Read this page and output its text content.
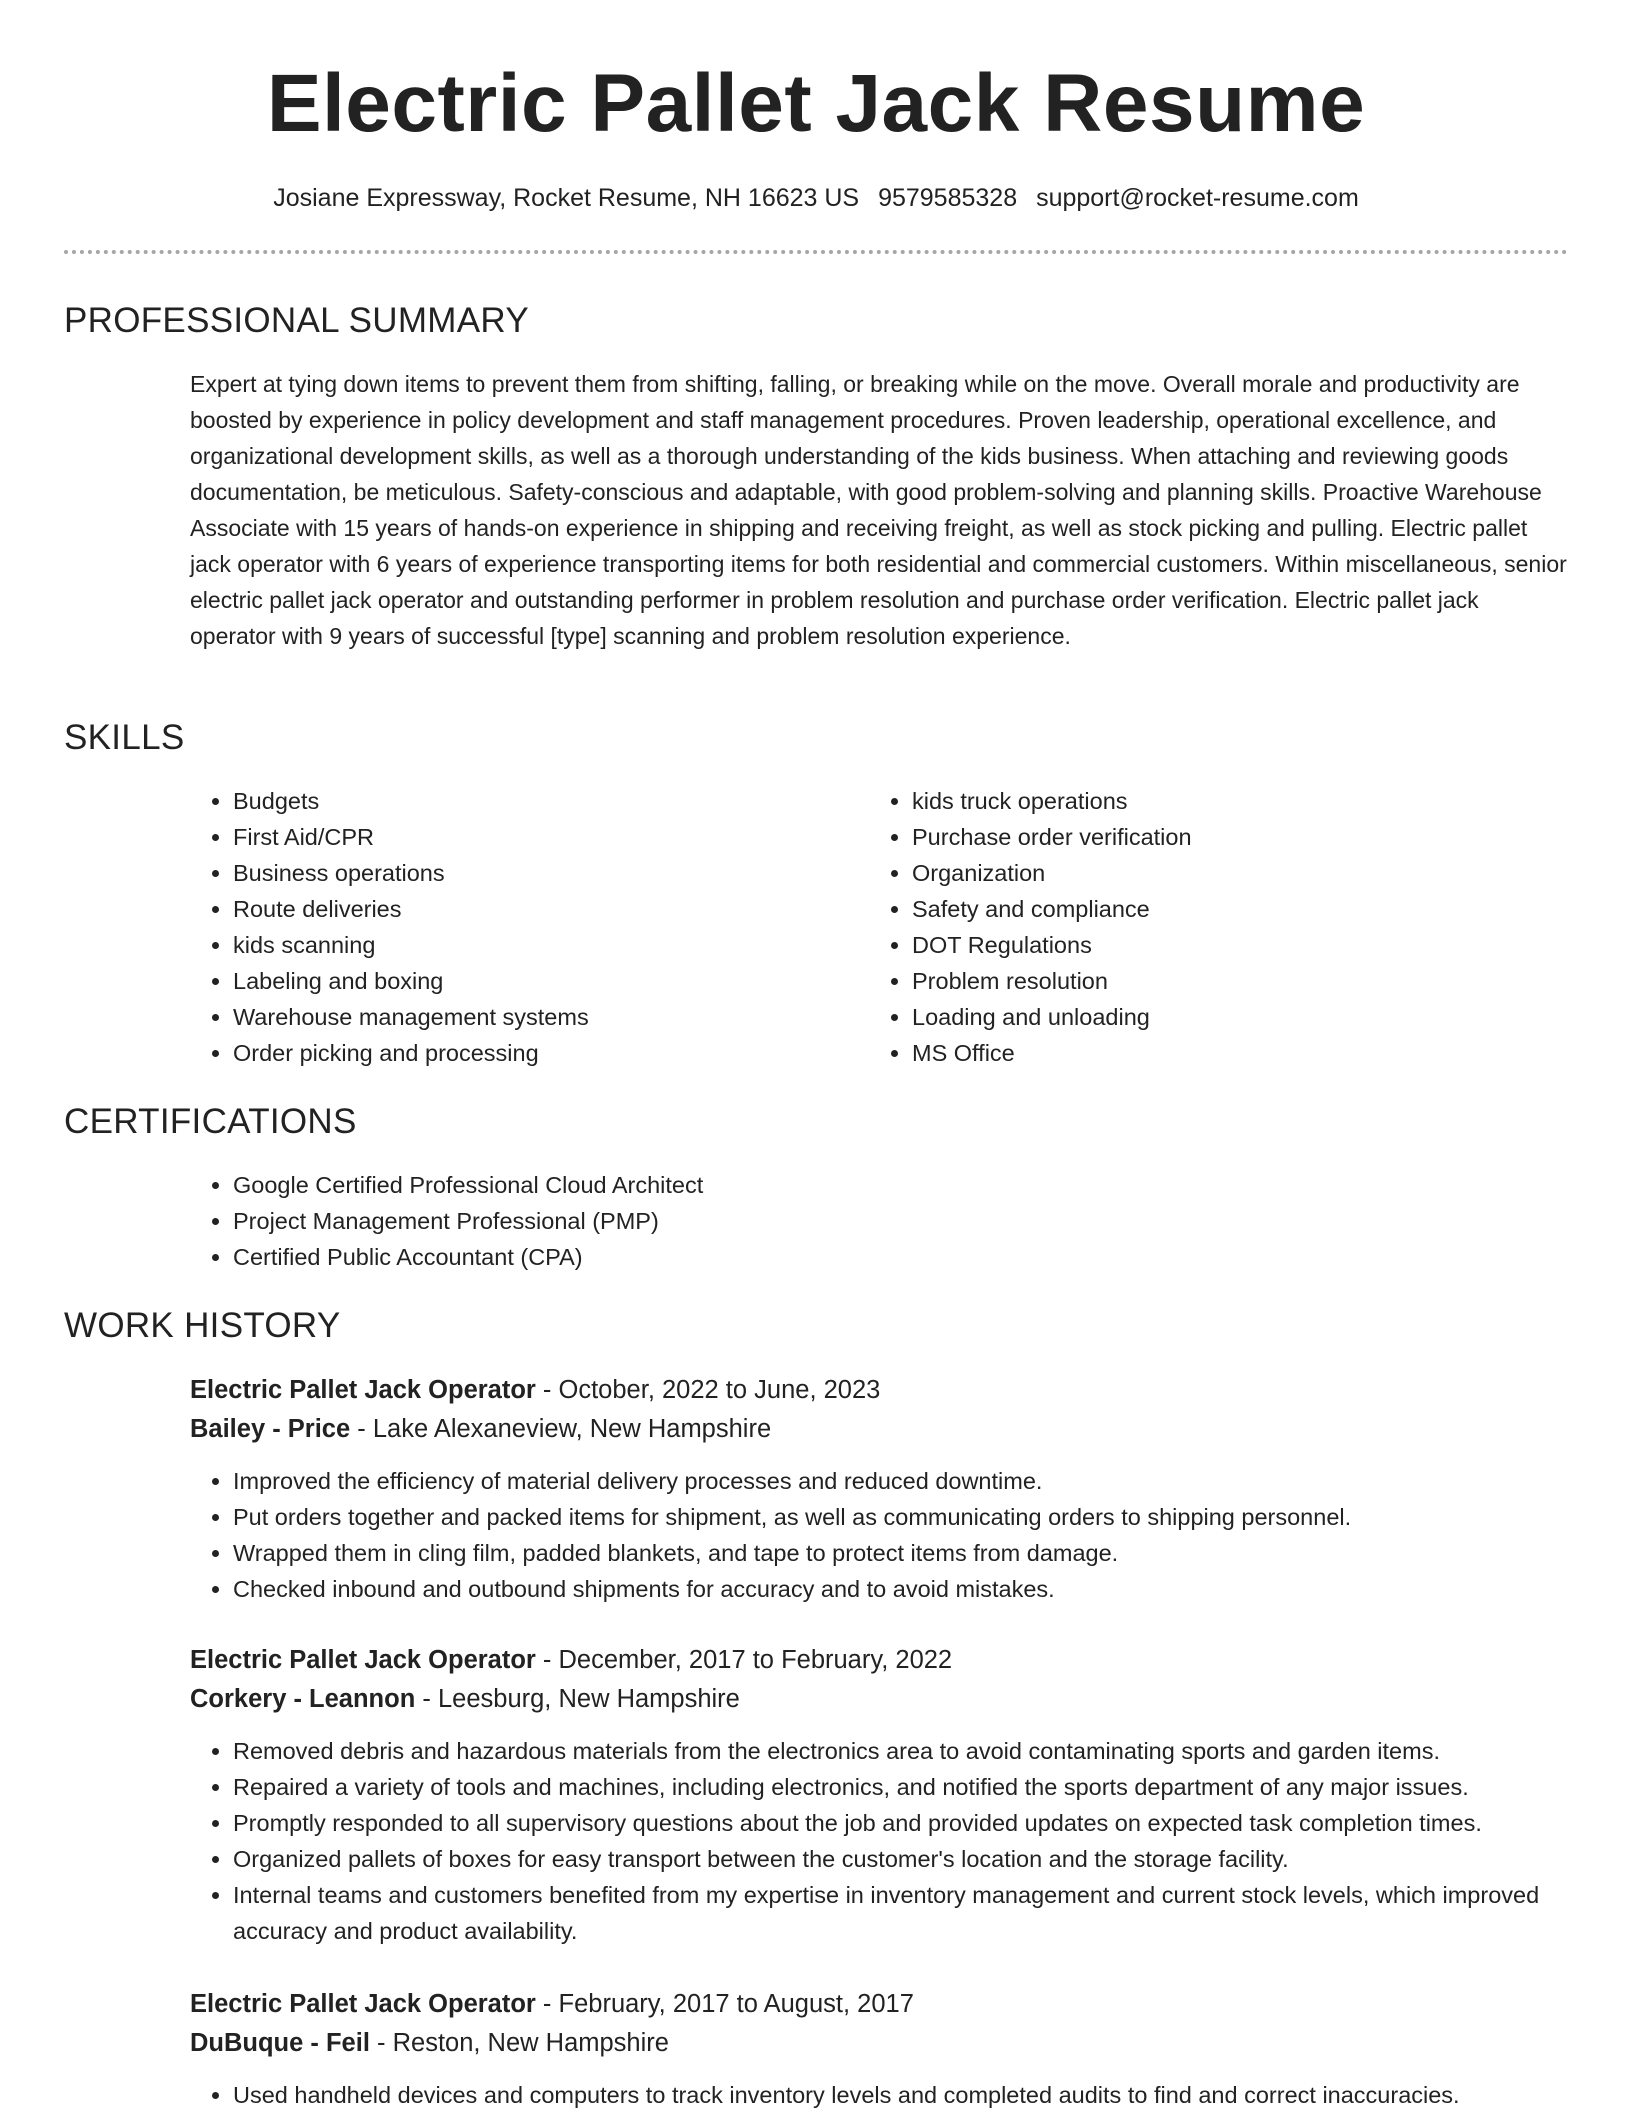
Electric Pallet Jack Resume
Josiane Expressway, Rocket Resume, NH 16623 US 9579585328 support@rocket-resume.com
PROFESSIONAL SUMMARY

Expert at tying down items to prevent them from shifting, falling, or breaking while on the move. Overall morale and productivity are boosted by experience in policy development and staff management procedures. Proven leadership, operational excellence, and organizational development skills, as well as a thorough understanding of the kids business. When attaching and reviewing goods documentation, be meticulous. Safety-conscious and adaptable, with good problem-solving and planning skills. Proactive Warehouse Associate with 15 years of hands-on experience in shipping and receiving freight, as well as stock picking and pulling. Electric pallet jack operator with 6 years of experience transporting items for both residential and commercial customers. Within miscellaneous, senior electric pallet jack operator and outstanding performer in problem resolution and purchase order verification. Electric pallet jack operator with 9 years of successful [type] scanning and problem resolution experience.

SKILLS
• Budgets
• First Aid/CPR
• Business operations
• Route deliveries
• kids scanning
• Labeling and boxing
• Warehouse management systems
• Order picking and processing
• kids truck operations
• Purchase order verification
• Organization
• Safety and compliance
• DOT Regulations
• Problem resolution
• Loading and unloading
• MS Office
CERTIFICATIONS
• Google Certified Professional Cloud Architect
• Project Management Professional (PMP)
• Certified Public Accountant (CPA)
WORK HISTORY
Electric Pallet Jack Operator - October, 2022 to June, 2023
Bailey - Price - Lake Alexaneview, New Hampshire
• Improved the efficiency of material delivery processes and reduced downtime.
• Put orders together and packed items for shipment, as well as communicating orders to shipping personnel.
• Wrapped them in cling film, padded blankets, and tape to protect items from damage.
• Checked inbound and outbound shipments for accuracy and to avoid mistakes.
Electric Pallet Jack Operator - December, 2017 to February, 2022
Corkery - Leannon - Leesburg, New Hampshire
• Removed debris and hazardous materials from the electronics area to avoid contaminating sports and garden items.
• Repaired a variety of tools and machines, including electronics, and notified the sports department of any major issues.
• Promptly responded to all supervisory questions about the job and provided updates on expected task completion times.
• Organized pallets of boxes for easy transport between the customer's location and the storage facility.
• Internal teams and customers benefited from my expertise in inventory management and current stock levels, which improved accuracy and product availability.
Electric Pallet Jack Operator - February, 2017 to August, 2017
DuBuque - Feil - Reston, New Hampshire
• Used handheld devices and computers to track inventory levels and completed audits to find and correct inaccuracies.
